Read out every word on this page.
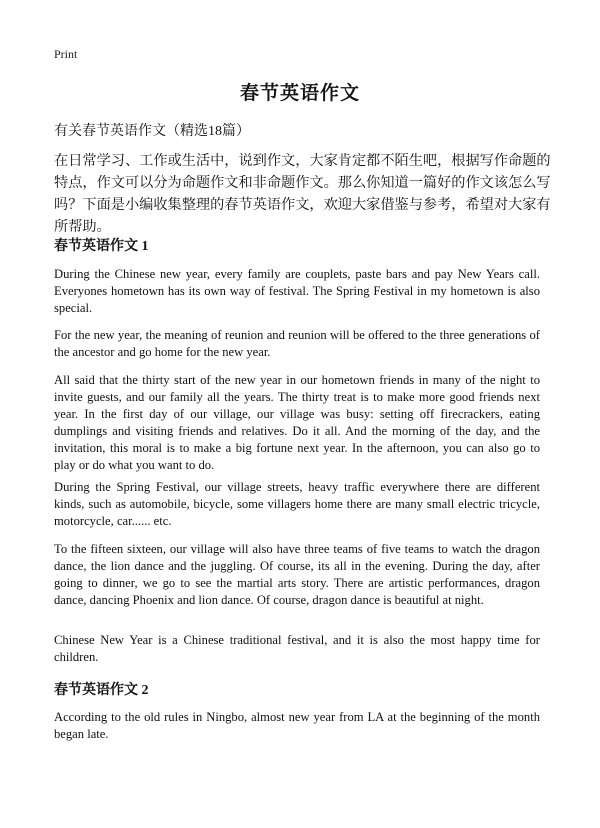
Print
春节英语作文
有关春节英语作文（精选18篇）
在日常学习、工作或生活中，说到作文，大家肯定都不陌生吧，根据写作命题的特点，作文可以分为命题作文和非命题作文。那么你知道一篇好的作文该怎么写吗？下面是小编收集整理的春节英语作文，欢迎大家借鉴与参考，希望对大家有所帮助。
春节英语作文 1
During the Chinese new year, every family are couplets, paste bars and pay New Years call. Everyones hometown has its own way of festival. The Spring Festival in my hometown is also special.
For the new year, the meaning of reunion and reunion will be offered to the three generations of the ancestor and go home for the new year.
All said that the thirty start of the new year in our hometown friends in many of the night to invite guests, and our family all the years. The thirty treat is to make more good friends next year. In the first day of our village, our village was busy: setting off firecrackers, eating dumplings and visiting friends and relatives. Do it all. And the morning of the day, and the invitation, this moral is to make a big fortune next year. In the afternoon, you can also go to play or do what you want to do.
During the Spring Festival, our village streets, heavy traffic everywhere there are different kinds, such as automobile, bicycle, some villagers home there are many small electric tricycle, motorcycle, car...... etc.
To the fifteen sixteen, our village will also have three teams of five teams to watch the dragon dance, the lion dance and the juggling. Of course, its all in the evening. During the day, after going to dinner, we go to see the martial arts story. There are artistic performances, dragon dance, dancing Phoenix and lion dance. Of course, dragon dance is beautiful at night.
Chinese New Year is a Chinese traditional festival, and it is also the most happy time for children.
春节英语作文 2
According to the old rules in Ningbo, almost new year from LA at the beginning of the month began late.
